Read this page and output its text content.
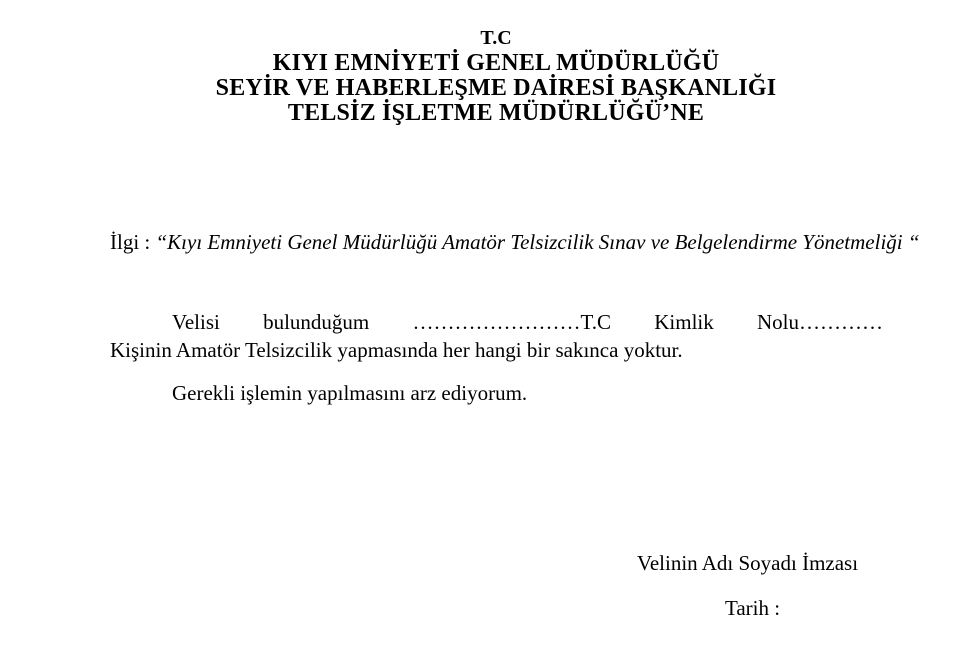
T.C
KIYI EMNİYETİ GENEL MÜDÜRLÜĞÜ
SEYİR VE HABERLEŞME DAİRESİ BAŞKANLIĞI
TELSİZ İŞLETME MÜDÜRLÜĞÜ’NE
İlgi : “Kıyı Emniyeti Genel Müdürlüğü Amatör Telsizcilik Sınav ve Belgelendirme Yönetmeliği “
Velisi bulunduğum ……………………T.C Kimlik Nolu…………
Kişinin Amatör Telsizcilik yapmasında her hangi bir sakınca yoktur.
Gerekli işlemin yapılmasını arz ediyorum.
Velinin Adı Soyadı İmzası
Tarih :
